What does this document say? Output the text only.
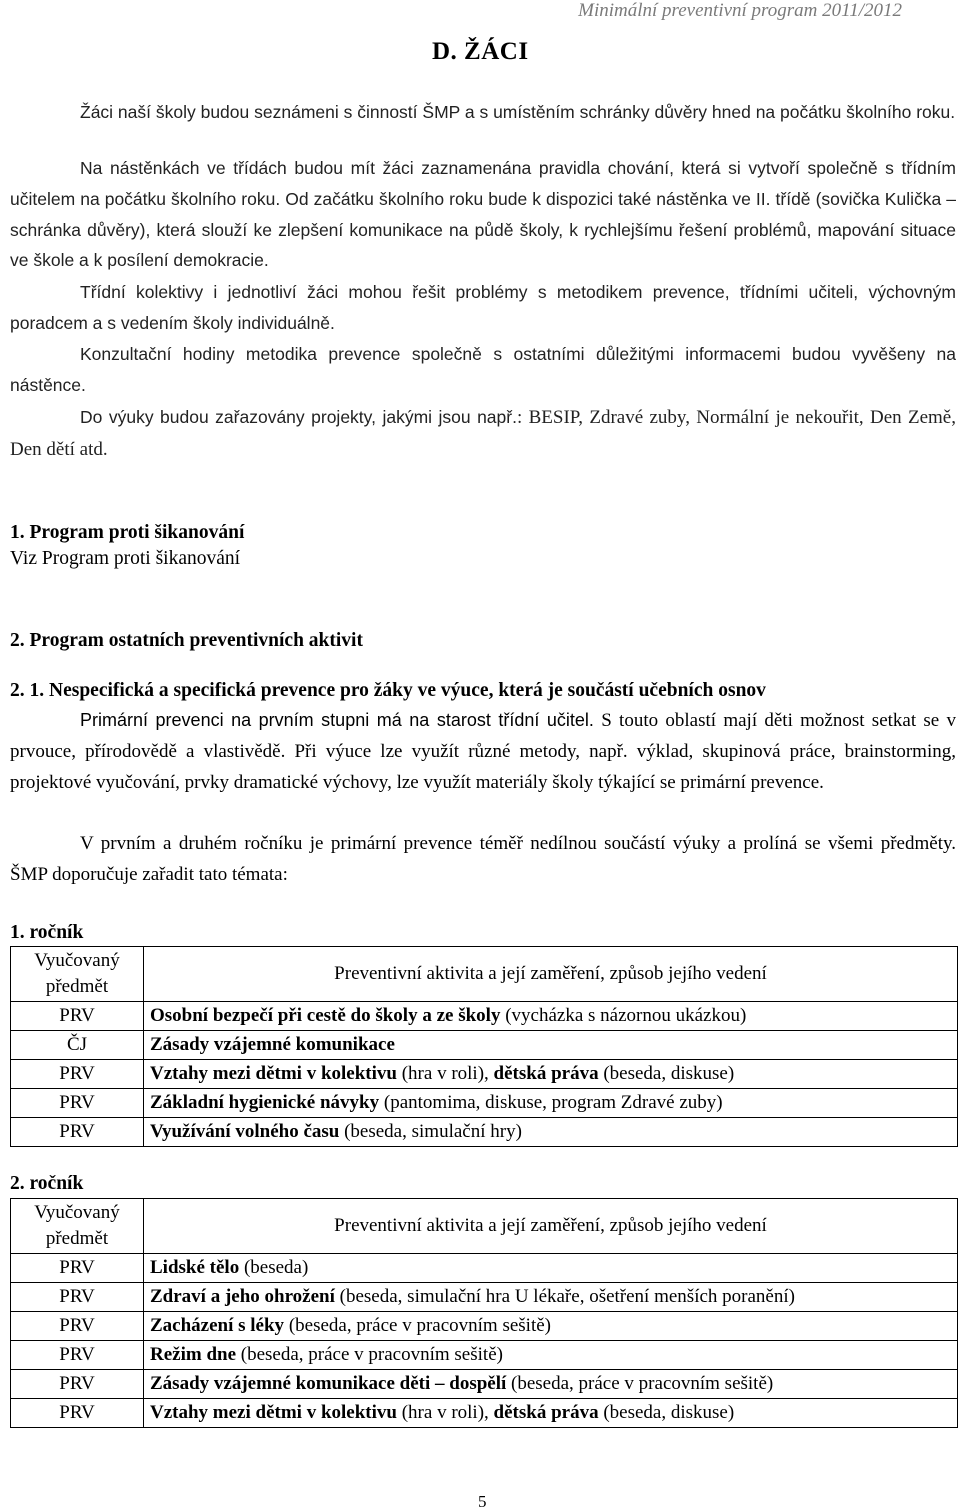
Minimální preventivní program 2011/2012
D. ŽÁCI
Žáci naší školy budou seznámeni s činností ŠMP a s umístěním schránky důvěry hned na počátku školního roku.
Na nástěnkách ve třídách budou mít žáci zaznamenána pravidla chování, která si vytvoří společně s třídním učitelem na počátku školního roku. Od začátku školního roku bude k dispozici také nástěnka ve II. třídě (sovička Kulička – schránka důvěry), která slouží ke zlepšení komunikace na půdě školy, k rychlejšímu řešení problémů, mapování situace ve škole a k posílení demokracie.
Třídní kolektivy i jednotliví žáci mohou řešit problémy s metodikem prevence, třídními učiteli, výchovným poradcem a s vedením školy individuálně.
Konzultační hodiny metodika prevence společně s ostatními důležitými informacemi budou vyvěšeny na nástěnce.
Do výuky budou zařazovány projekty, jakými jsou např.: BESIP, Zdravé zuby, Normální je nekouřit, Den Země, Den dětí atd.
1. Program proti šikanování
Viz Program proti šikanování
2. Program ostatních preventivních aktivit
2. 1. Nespecifická a specifická prevence pro žáky ve výuce, která je součástí učebních osnov
Primární prevenci na prvním stupni má na starost třídní učitel. S touto oblastí mají děti možnost setkat se v prvouce, přírodovědě a vlastivědě. Při výuce lze využít různé metody, např. výklad, skupinová práce, brainstorming, projektové vyučování, prvky dramatické výchovy, lze využít materiály školy týkající se primární prevence.
V prvním a druhém ročníku je primární prevence téměř nedílnou součástí výuky a prolíná se všemi předměty. ŠMP doporučuje zařadit tato témata:
1. ročník
Vyučovaný předmět	Preventivní aktivita a její zaměření, způsob jejího vedení
PRV	Osobní bezpečí při cestě do školy a ze školy (vycházka s názornou ukázkou)
ČJ	Zásady vzájemné komunikace
PRV	Vztahy mezi dětmi v kolektivu (hra v roli), dětská práva (beseda, diskuse)
PRV	Základní hygienické návyky (pantomima, diskuse, program Zdravé zuby)
PRV	Využívání volného času (beseda, simulační hry)
2. ročník
Vyučovaný předmět	Preventivní aktivita a její zaměření, způsob jejího vedení
PRV	Lidské tělo (beseda)
PRV	Zdraví a jeho ohrožení (beseda, simulační hra U lékaře, ošetření menších poranění)
PRV	Zacházení s léky (beseda, práce v pracovním sešitě)
PRV	Režim dne (beseda, práce v pracovním sešitě)
PRV	Zásady vzájemné komunikace děti – dospělí (beseda, práce v pracovním sešitě)
PRV	Vztahy mezi dětmi v kolektivu (hra v roli), dětská práva (beseda, diskuse)
5
